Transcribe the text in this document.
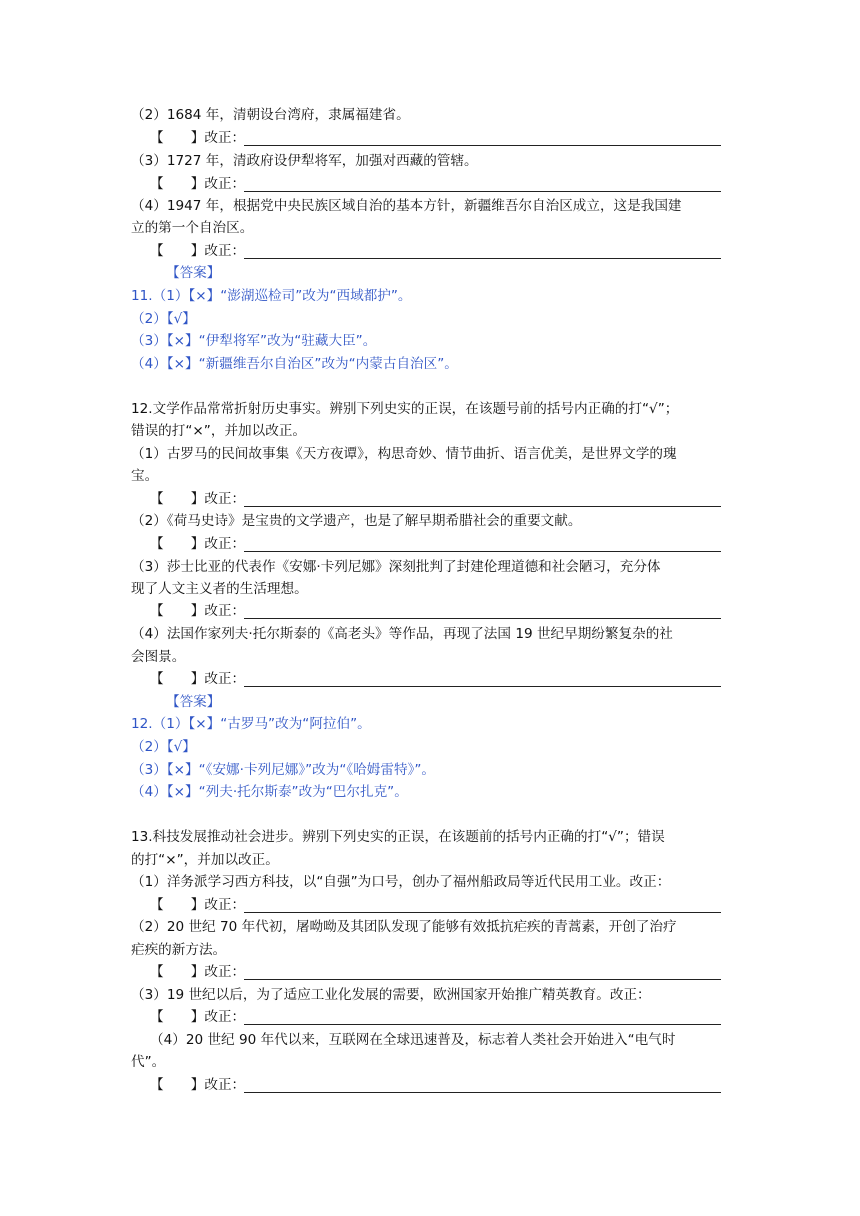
（2）1684 年，清朝设台湾府，隶属福建省。
【　　】改正：
（3）1727 年，清政府设伊犁将军，加强对西藏的管辖。
【　　】改正：
（4）1947 年，根据党中央民族区域自治的基本方针，新疆维吾尔自治区成立，这是我国建
立的第一个自治区。
【　　】改正：
【答案】
11.（1）【×】“澎湖巡检司”改为“西域都护”。
（2）【√】
（3）【×】“伊犁将军”改为“驻藏大臣”。
（4）【×】“新疆维吾尔自治区”改为“内蒙古自治区”。
12.文学作品常常折射历史事实。辨别下列史实的正误，在该题号前的括号内正确的打“√”；
错误的打“×”，并加以改正。
（1）古罗马的民间故事集《天方夜谭》，构思奇妙、情节曲折、语言优美，是世界文学的瑰
宝。
【　　】改正：
（2）《荷马史诗》是宝贵的文学遗产，也是了解早期希腊社会的重要文献。
【　　】改正：
（3）莎士比亚的代表作《安娜·卡列尼娜》深刻批判了封建伦理道德和社会陋习，充分体
现了人文主义者的生活理想。
【　　】改正：
（4）法国作家列夫·托尔斯泰的《高老头》等作品，再现了法国 19 世纪早期纷繁复杂的社
会图景。
【　　】改正：
【答案】
12.（1）【×】“古罗马”改为“阿拉伯”。
（2）【√】
（3）【×】“《安娜·卡列尼娜》”改为“《哈姆雷特》”。
（4）【×】“列夫·托尔斯泰”改为“巴尔扎克”。
13.科技发展推动社会进步。辨别下列史实的正误，在该题前的括号内正确的打“√”；错误
的打“×”，并加以改正。
（1）洋务派学习西方科技，以“自强”为口号，创办了福州船政局等近代民用工业。改正：
【　　】改正：
（2）20 世纪 70 年代初，屠呦呦及其团队发现了能够有效抵抗疟疾的青蒿素，开创了治疗
疟疾的新方法。
【　　】改正：
（3）19 世纪以后，为了适应工业化发展的需要，欧洲国家开始推广精英教育。改正：
【　　】改正：
（4）20 世纪 90 年代以来，互联网在全球迅速普及，标志着人类社会开始进入“电气时
代”。
【　　】改正：
